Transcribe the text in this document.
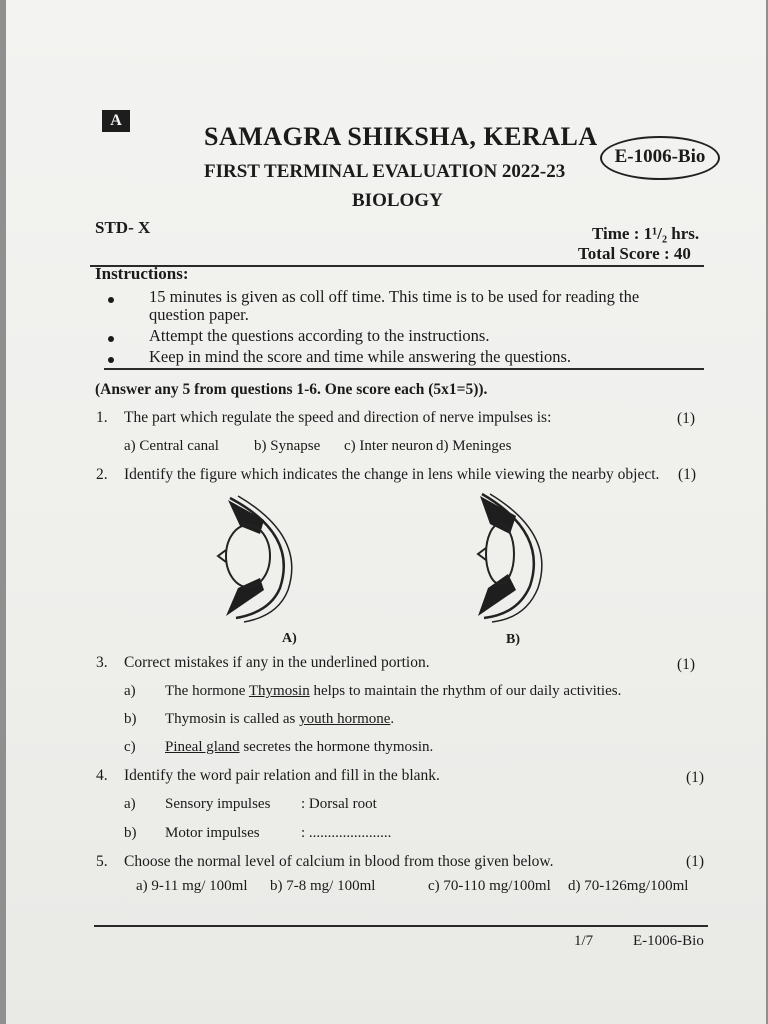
A
SAMAGRA SHIKSHA, KERALA
E-1006-Bio
FIRST TERMINAL EVALUATION 2022-23
BIOLOGY
STD- X	Time : 1¹/₂ hrs.
Total Score : 40
Instructions:
15 minutes is given as coll off time. This time is to be used for reading the
question paper.
Attempt the questions according to the instructions.
Keep in mind the score and time while answering the questions.
(Answer any 5 from questions 1-6. One score each (5x1=5)).
1. The part which regulate the speed and direction of nerve impulses is:	(1)
a) Central canal b) Synapse c) Inter neuron d) Meninges
2. Identify the figure which indicates the change in lens while viewing the nearby object. (1)
A)	B)
3. Correct mistakes if any in the underlined portion.	(1)
a) The hormone Thymosin helps to maintain the rhythm of our daily activities.
b) Thymosin is called as youth hormone.
c) Pineal gland secretes the hormone thymosin.
4. Identify the word pair relation and fill in the blank.	(1)
a) Sensory impulses : Dorsal root
b) Motor impulses	: ......................
5. Choose the normal level of calcium in blood from those given below.	(1)
a) 9-11 mg/ 100ml b) 7-8 mg/ 100ml	c) 70-110 mg/100ml d) 70-126mg/100ml
1/7	E-1006-Bio
